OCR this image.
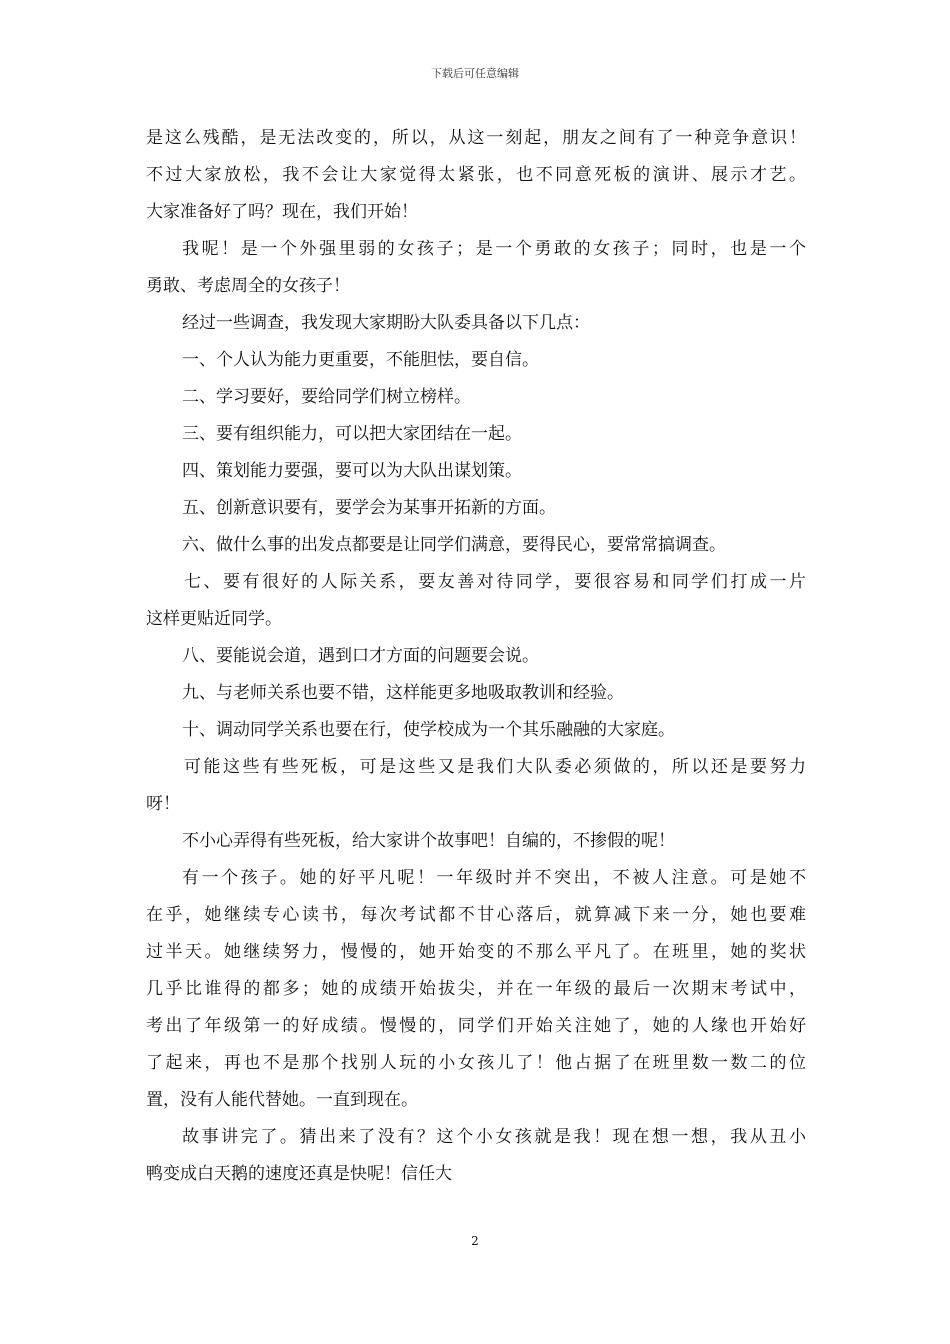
下载后可任意编辑
是这么残酷，是无法改变的，所以，从这一刻起，朋友之间有了一种竞争意识！
不过大家放松，我不会让大家觉得太紧张，也不同意死板的演讲、展示才艺。
大家准备好了吗？现在，我们开始！
我呢！是一个外强里弱的女孩子；是一个勇敢的女孩子；同时，也是一个
勇敢、考虑周全的女孩子！
经过一些调查，我发现大家期盼大队委具备以下几点：
一、个人认为能力更重要，不能胆怯，要自信。
二、学习要好，要给同学们树立榜样。
三、要有组织能力，可以把大家团结在一起。
四、策划能力要强，要可以为大队出谋划策。
五、创新意识要有，要学会为某事开拓新的方面。
六、做什么事的出发点都要是让同学们满意，要得民心，要常常搞调查。
七、要有很好的人际关系，要友善对待同学，要很容易和同学们打成一片
这样更贴近同学。
八、要能说会道，遇到口才方面的问题要会说。
九、与老师关系也要不错，这样能更多地吸取教训和经验。
十、调动同学关系也要在行，使学校成为一个其乐融融的大家庭。
可能这些有些死板，可是这些又是我们大队委必须做的，所以还是要努力
呀！
不小心弄得有些死板，给大家讲个故事吧！自编的，不掺假的呢！
有一个孩子。她的好平凡呢！一年级时并不突出，不被人注意。可是她不
在乎，她继续专心读书，每次考试都不甘心落后，就算减下来一分，她也要难
过半天。她继续努力，慢慢的，她开始变的不那么平凡了。在班里，她的奖状
几乎比谁得的都多；她的成绩开始拔尖，并在一年级的最后一次期末考试中，
考出了年级第一的好成绩。慢慢的，同学们开始关注她了，她的人缘也开始好
了起来，再也不是那个找别人玩的小女孩儿了！他占据了在班里数一数二的位
置，没有人能代替她。一直到现在。
故事讲完了。猜出来了没有？这个小女孩就是我！现在想一想，我从丑小
鸭变成白天鹅的速度还真是快呢！信任大
2
